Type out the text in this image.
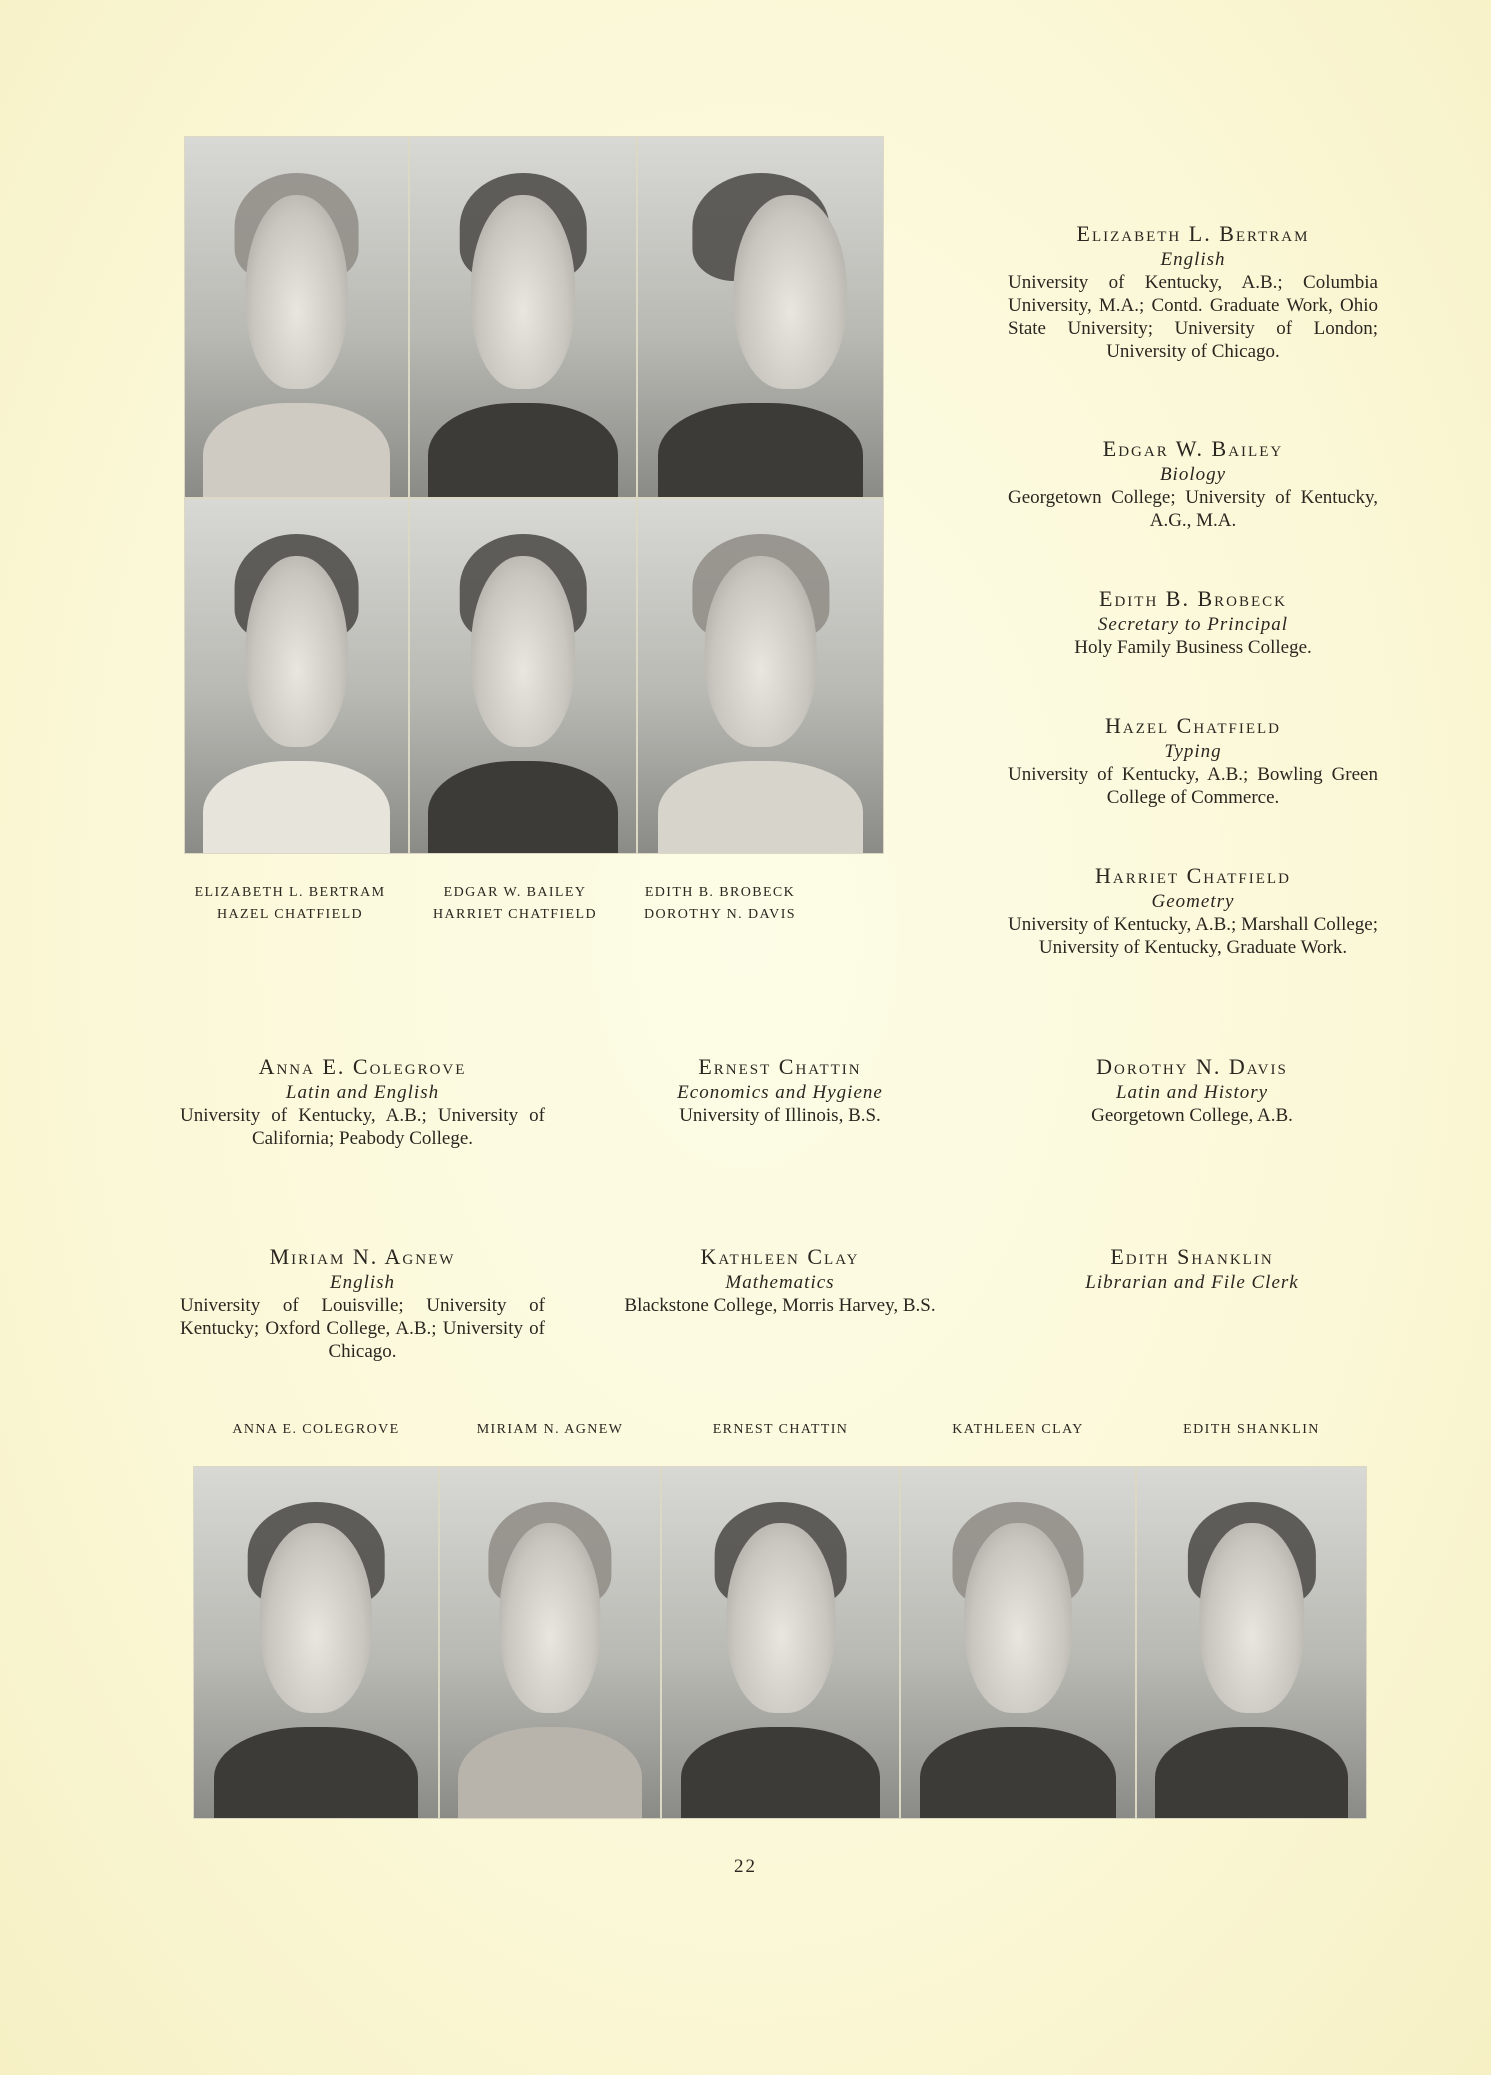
ELIZABETH L. BERTRAM	EDGAR W. BAILEY	EDITH B. BROBECK
HAZEL CHATFIELD	HARRIET CHATFIELD	DOROTHY N. DAVIS
Elizabeth L. Bertram
English
University of Kentucky, A.B.; Columbia University, M.A.; Contd. Graduate Work, Ohio State University; University of London; University of Chicago.
Edgar W. Bailey
Biology
Georgetown College; University of Kentucky, A.G., M.A.
Edith B. Brobeck
Secretary to Principal
Holy Family Business College.
Hazel Chatfield
Typing
University of Kentucky, A.B.; Bowling Green College of Commerce.
Harriet Chatfield
Geometry
University of Kentucky, A.B.; Marshall College; University of Kentucky, Graduate Work.
Anna E. Colegrove
Latin and English
University of Kentucky, A.B.; University of California; Peabody College.
Ernest Chattin
Economics and Hygiene
University of Illinois, B.S.
Dorothy N. Davis
Latin and History
Georgetown College, A.B.
Miriam N. Agnew
English
University of Louisville; University of Kentucky; Oxford College, A.B.; University of Chicago.
Kathleen Clay
Mathematics
Blackstone College, Morris Harvey, B.S.
Edith Shanklin
Librarian and File Clerk
ANNA E. COLEGROVE	MIRIAM N. AGNEW	ERNEST CHATTIN	KATHLEEN CLAY	EDITH SHANKLIN
22
